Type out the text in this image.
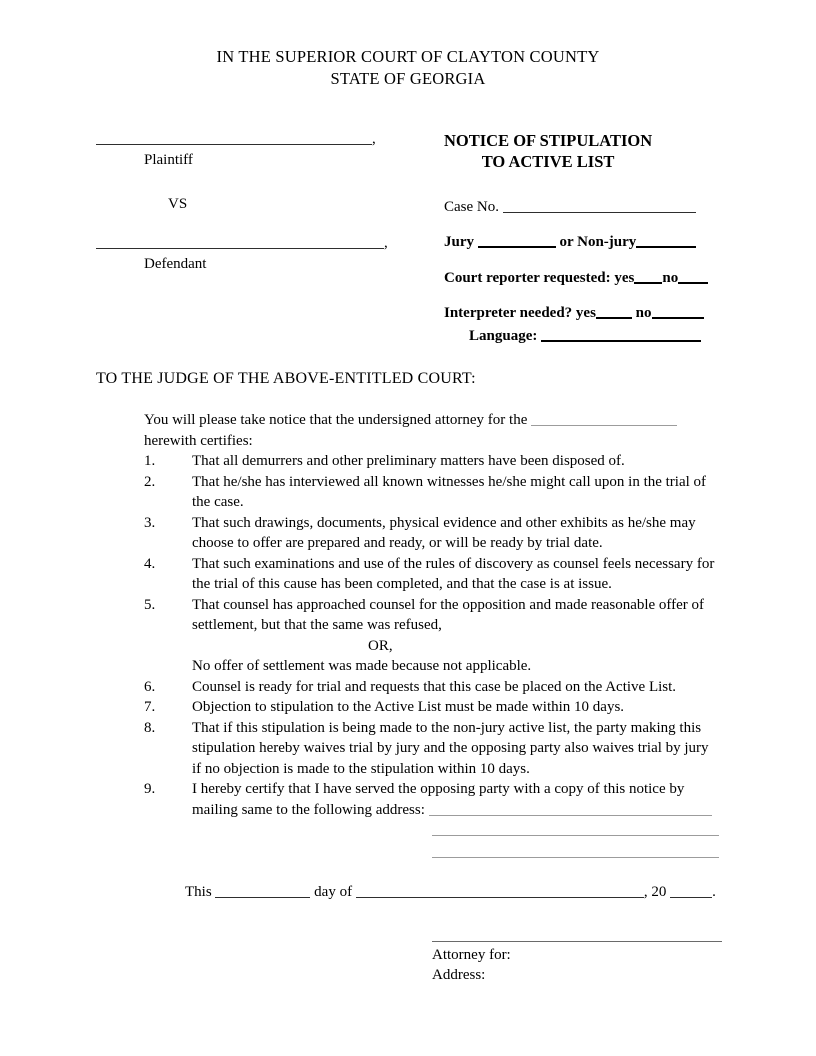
IN THE SUPERIOR COURT OF CLAYTON COUNTY
STATE OF GEORGIA
,
Plaintiff
VS
,
Defendant
NOTICE OF STIPULATION
TO ACTIVE LIST
Case No.
Jury	or Non-jury
Court reporter requested: yes no
Interpreter needed? yes	no
Language:
TO THE JUDGE OF THE ABOVE-ENTITLED COURT:
You will please take notice that the undersigned attorney for the
herewith certifies:
1.	That all demurrers and other preliminary matters have been disposed of.
2.	That he/she has interviewed all known witnesses he/she might call upon in the trial of the case.
3.	That such drawings, documents, physical evidence and other exhibits as he/she may choose to offer are prepared and ready, or will be ready by trial date.
4.	That such examinations and use of the rules of discovery as counsel feels necessary for the trial of this cause has been completed, and that the case is at issue.
5.	That counsel has approached counsel for the opposition and made reasonable offer of settlement, but that the same was refused,
OR,
No offer of settlement was made because not applicable.
6.	Counsel is ready for trial and requests that this case be placed on the Active List.
7.	Objection to stipulation to the Active List must be made within 10 days.
8.	That if this stipulation is being made to the non-jury active list, the party making this stipulation hereby waives trial by jury and the opposing party also waives trial by jury if no objection is made to the stipulation within 10 days.
9.	I hereby certify that I have served the opposing party with a copy of this notice by mailing same to the following address:
This	day of	, 20	.
Attorney for:
Address:
